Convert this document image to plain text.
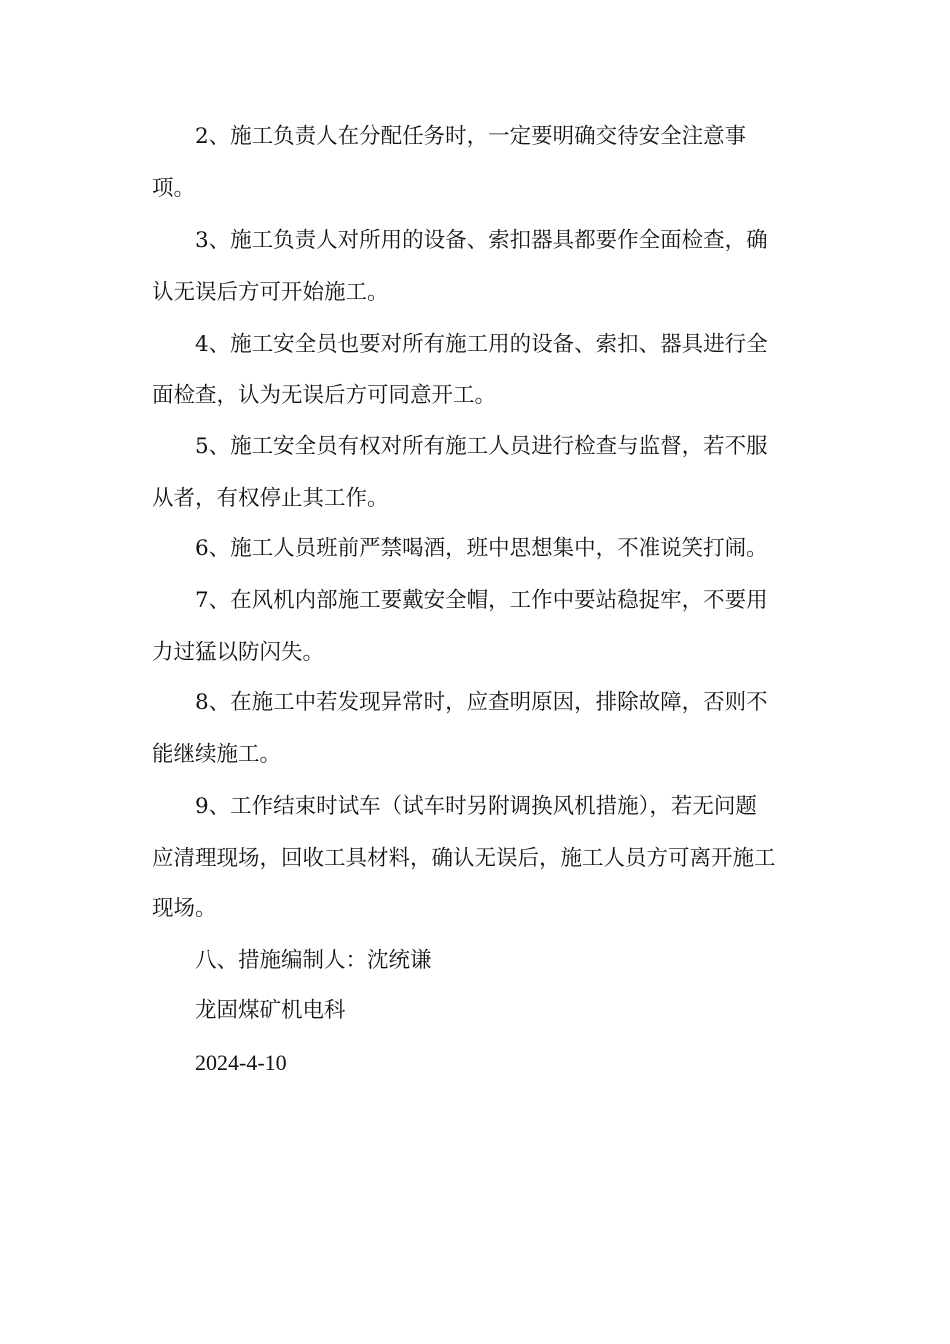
2、施工负责人在分配任务时，一定要明确交待安全注意事
项。
3、施工负责人对所用的设备、索扣器具都要作全面检查，确
认无误后方可开始施工。
4、施工安全员也要对所有施工用的设备、索扣、器具进行全
面检查，认为无误后方可同意开工。
5、施工安全员有权对所有施工人员进行检查与监督，若不服
从者，有权停止其工作。
6、施工人员班前严禁喝酒，班中思想集中，不准说笑打闹。
7、在风机内部施工要戴安全帽，工作中要站稳捉牢，不要用
力过猛以防闪失。
8、在施工中若发现异常时，应查明原因，排除故障，否则不
能继续施工。
9、工作结束时试车（试车时另附调换风机措施），若无问题
应清理现场，回收工具材料，确认无误后，施工人员方可离开施工
现场。
八、措施编制人：沈统谦
龙固煤矿机电科
2024-4-10
